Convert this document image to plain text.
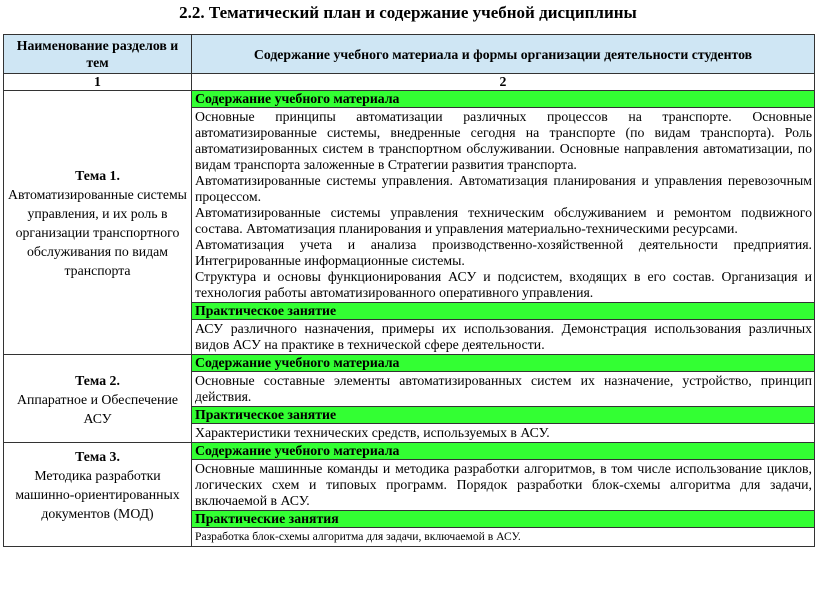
2.2. Тематический план и содержание учебной дисциплины
Наименование разделов и тем	Содержание учебного материала и формы организации деятельности студентов
1	2

Тема 1.
Автоматизированные системы управления, и их роль в организации транспортного обслуживания по видам транспорта	Содержание учебного материала

	Основные принципы автоматизации различных процессов на транспорте. Основные автоматизированные системы, внедренные сегодня на транспорте (по видам транспорта). Роль автоматизированных систем в транспортном обслуживании. Основные направления автоматизации, по видам транспорта заложенные в Стратегии развития транспорта.

Автоматизированные системы управления. Автоматизация планирования и управления перевозочным процессом.

Автоматизированные системы управления техническим обслуживанием и ремонтом подвижного состава. Автоматизация планирования и управления материально-техническими ресурсами.

Автоматизация учета и анализа производственно-хозяйственной деятельности предприятия. Интегрированные информационные системы.

Структура и основы функционирования АСУ и подсистем, входящих в его состав. Организация и технология работы автоматизированного оперативного управления.

	Практическое занятие
	АСУ различного назначения, примеры их использования. Демонстрация использования различных видов АСУ на практике в технической сфере деятельности.

Тема 2.
Аппаратное и Обеспечение АСУ	Содержание учебного материала

	Основные составные элементы автоматизированных систем их назначение, устройство, принцип действия.

	Практическое занятие
	Характеристики технических средств, используемых в АСУ.

Тема 3.
Методика разработки машинно-ориентированных документов (МОД)	Содержание учебного материала

	Основные машинные команды и методика разработки алгоритмов, в том числе использование циклов, логических схем и типовых программ. Порядок разработки блок-схемы алгоритма для задачи, включаемой в АСУ.

	Практические занятия
	Разработка блок-схемы алгоритма для задачи, включаемой в АСУ.
